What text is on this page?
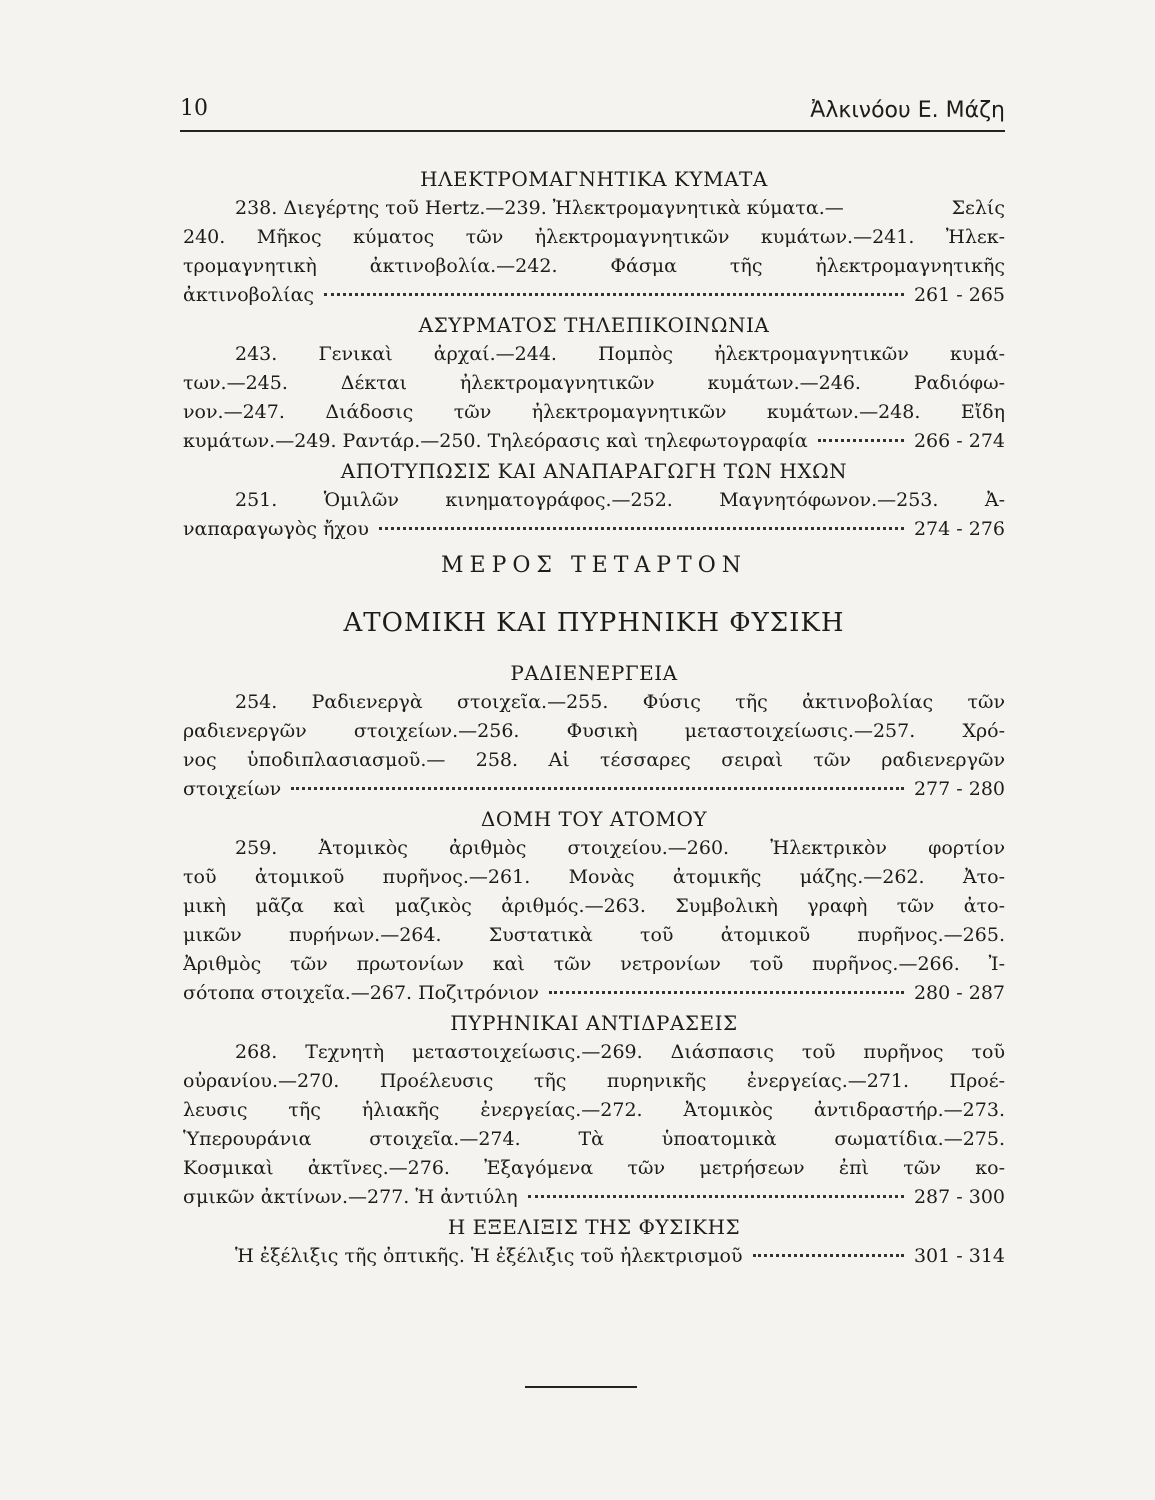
10	Ἀλκινόου Ε. Μάζη
ΗΛΕΚΤΡΟΜΑΓΝΗΤΙΚΑ ΚΥΜΑΤΑ
238. Διεγέρτης τοῦ Hertz.—239. Ἠλεκτρομαγνητικὰ κύματα.—	Σελίς
240. Μῆκος κύματος τῶν ἠλεκτρομαγνητικῶν κυμάτων.—241. Ἠλεκ-
τρομαγνητικὴ ἀκτινοβολία.—242. Φάσμα τῆς ἠλεκτρομαγνητικῆς
ἀκτινοβολίας	261 - 265
ΑΣΥΡΜΑΤΟΣ ΤΗΛΕΠΙΚΟΙΝΩΝΙΑ
243. Γενικαὶ ἀρχαί.—244. Πομπὸς ἠλεκτρομαγνητικῶν κυμά-
των.—245. Δέκται ἠλεκτρομαγνητικῶν κυμάτων.—246. Ραδιόφω-
νον.—247. Διάδοσις τῶν ἠλεκτρομαγνητικῶν κυμάτων.—248. Εἴδη
κυμάτων.—249. Ραντάρ.—250. Τηλεόρασις καὶ τηλεφωτογραφία	266 - 274
ΑΠΟΤΥΠΩΣΙΣ ΚΑΙ ΑΝΑΠΑΡΑΓΩΓΗ ΤΩΝ ΗΧΩΝ
251. Ὁμιλῶν κινηματογράφος.—252. Μαγνητόφωνον.—253. Ἀ-
ναπαραγωγὸς ἤχου	274 - 276
ΜΕΡΟΣ ΤΕΤΑΡΤΟΝ
ΑΤΟΜΙΚΗ ΚΑΙ ΠΥΡΗΝΙΚΗ ΦΥΣΙΚΗ
ΡΑΔΙΕΝΕΡΓΕΙΑ
254. Ραδιενεργὰ στοιχεῖα.—255. Φύσις τῆς ἀκτινοβολίας τῶν
ραδιενεργῶν στοιχείων.—256. Φυσικὴ μεταστοιχείωσις.—257. Χρό-
νος ὑποδιπλασιασμοῦ.— 258. Αἱ τέσσαρες σειραὶ τῶν ραδιενεργῶν
στοιχείων	277 - 280
ΔΟΜΗ ΤΟΥ ΑΤΟΜΟΥ
259. Ἀτομικὸς ἀριθμὸς στοιχείου.—260. Ἠλεκτρικὸν φορτίον
τοῦ ἀτομικοῦ πυρῆνος.—261. Μονὰς ἀτομικῆς μάζης.—262. Ἀτο-
μικὴ μᾶζα καὶ μαζικὸς ἀριθμός.—263. Συμβολικὴ γραφὴ τῶν ἀτο-
μικῶν πυρήνων.—264. Συστατικὰ τοῦ ἀτομικοῦ πυρῆνος.—265.
Ἀριθμὸς τῶν πρωτονίων καὶ τῶν νετρονίων τοῦ πυρῆνος.—266. Ἰ-
σότοπα στοιχεῖα.—267. Ποζιτρόνιον	280 - 287
ΠΥΡΗΝΙΚΑΙ ΑΝΤΙΔΡΑΣΕΙΣ
268. Τεχνητὴ μεταστοιχείωσις.—269. Διάσπασις τοῦ πυρῆνος τοῦ
οὐρανίου.—270. Προέλευσις τῆς πυρηνικῆς ἐνεργείας.—271. Προέ-
λευσις τῆς ἡλιακῆς ἐνεργείας.—272. Ἀτομικὸς ἀντιδραστήρ.—273.
Ὑπερουράνια στοιχεῖα.—274. Τὰ ὑποατομικὰ σωματίδια.—275.
Κοσμικαὶ ἀκτῖνες.—276. Ἐξαγόμενα τῶν μετρήσεων ἐπὶ τῶν κο-
σμικῶν ἀκτίνων.—277. Ἡ ἀντιύλη	287 - 300
Η ΕΞΕΛΙΞΙΣ ΤΗΣ ΦΥΣΙΚΗΣ
Ἡ ἐξέλιξις τῆς ὀπτικῆς. Ἡ ἐξέλιξις τοῦ ἠλεκτρισμοῦ	301 - 314
